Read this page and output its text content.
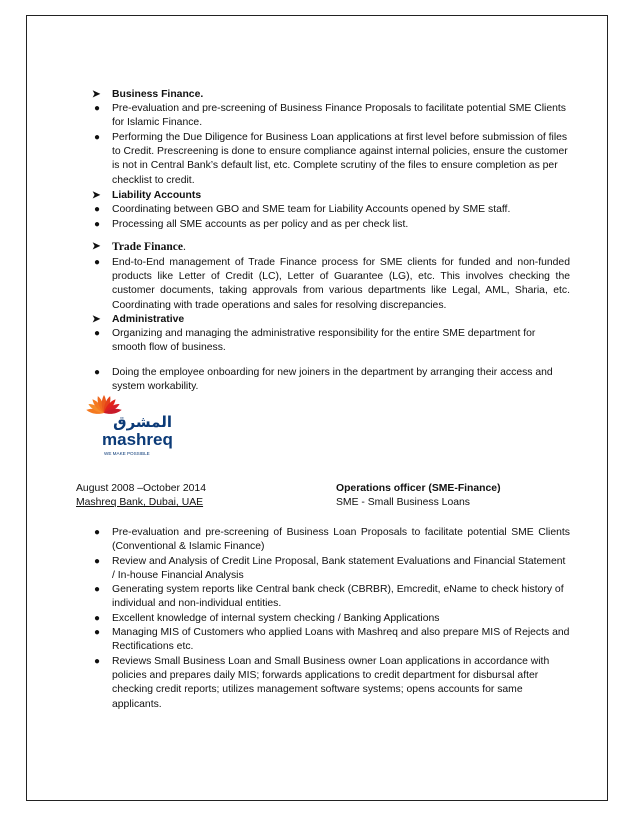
➤ Business Finance.
● Pre-evaluation and pre-screening of Business Finance Proposals to facilitate potential SME Clients for Islamic Finance.
● Performing the Due Diligence for Business Loan applications at first level before submission of files to Credit. Prescreening is done to ensure compliance against internal policies, ensure the customer is not in Central Bank’s default list, etc. Complete scrutiny of the files to ensure completion as per checklist to credit.
➤ Liability Accounts
● Coordinating between GBO and SME team for Liability Accounts opened by SME staff.
● Processing all SME accounts as per policy and as per check list.
➤ Trade Finance.
● End-to-End management of Trade Finance process for SME clients for funded and non-funded products like Letter of Credit (LC), Letter of Guarantee (LG), etc. This involves checking the customer documents, taking approvals from various departments like Legal, AML, Sharia, etc. Coordinating with trade operations and sales for resolving discrepancies.
➤ Administrative
● Organizing and managing the administrative responsibility for the entire SME department for smooth flow of business.
● Doing the employee onboarding for new joiners in the department by arranging their access and system workability.
المشرق
mashreq
WE MAKE POSSIBLE
August 2008 –October 2014
Mashreq Bank, Dubai, UAE
Operations officer (SME-Finance)
SME - Small Business Loans
● Pre-evaluation and pre-screening of Business Loan Proposals to facilitate potential SME Clients (Conventional & Islamic Finance)
● Review and Analysis of Credit Line Proposal, Bank statement Evaluations and Financial Statement / In-house Financial Analysis
● Generating system reports like Central bank check (CBRBR), Emcredit, eName to check history of individual and non-individual entities.
● Excellent knowledge of internal system checking / Banking Applications
● Managing MIS of Customers who applied Loans with Mashreq and also prepare MIS of Rejects and Rectifications etc.
● Reviews Small Business Loan and Small Business owner Loan applications in accordance with policies and prepares daily MIS; forwards applications to credit department for disbursal after checking credit reports; utilizes management software systems; opens accounts for same applicants.
